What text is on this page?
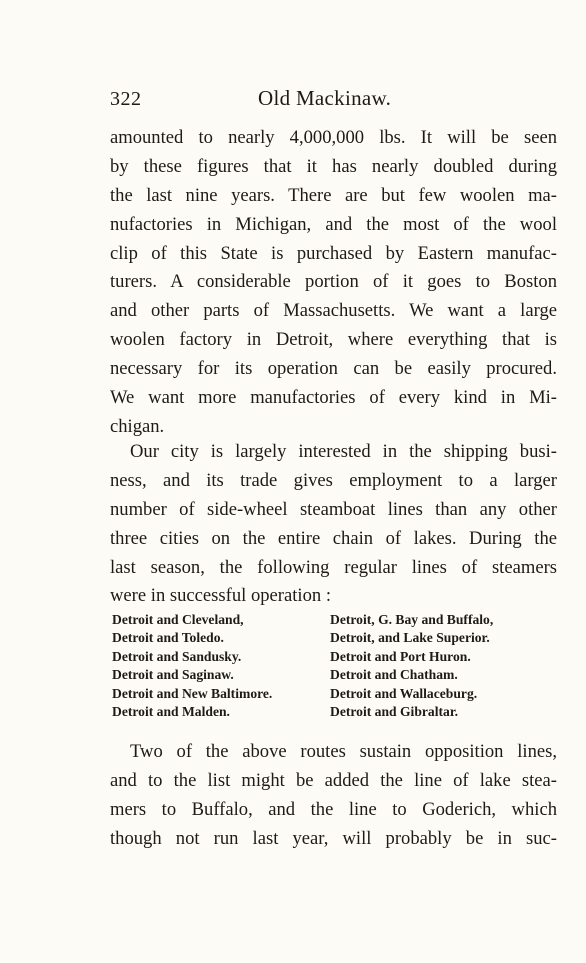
322	Old Mackinaw.
amounted to nearly 4,000,000 lbs. It will be seen
by these figures that it has nearly doubled during
the last nine years. There are but few woolen ma-
nufactories in Michigan, and the most of the wool
clip of this State is purchased by Eastern manufac-
turers. A considerable portion of it goes to Boston
and other parts of Massachusetts. We want a large
woolen factory in Detroit, where everything that is
necessary for its operation can be easily procured.
We want more manufactories of every kind in Mi-
chigan.
Our city is largely interested in the shipping busi-
ness, and its trade gives employment to a larger
number of side-wheel steamboat lines than any other
three cities on the entire chain of lakes. During the
last season, the following regular lines of steamers
were in successful operation :
Detroit and Cleveland,	Detroit, G. Bay and Buffalo,
Detroit and Toledo.	Detroit, and Lake Superior.
Detroit and Sandusky.	Detroit and Port Huron.
Detroit and Saginaw.	Detroit and Chatham.
Detroit and New Baltimore.	Detroit and Wallaceburg.
Detroit and Malden.	Detroit and Gibraltar.
Two of the above routes sustain opposition lines,
and to the list might be added the line of lake stea-
mers to Buffalo, and the line to Goderich, which
though not run last year, will probably be in suc-
